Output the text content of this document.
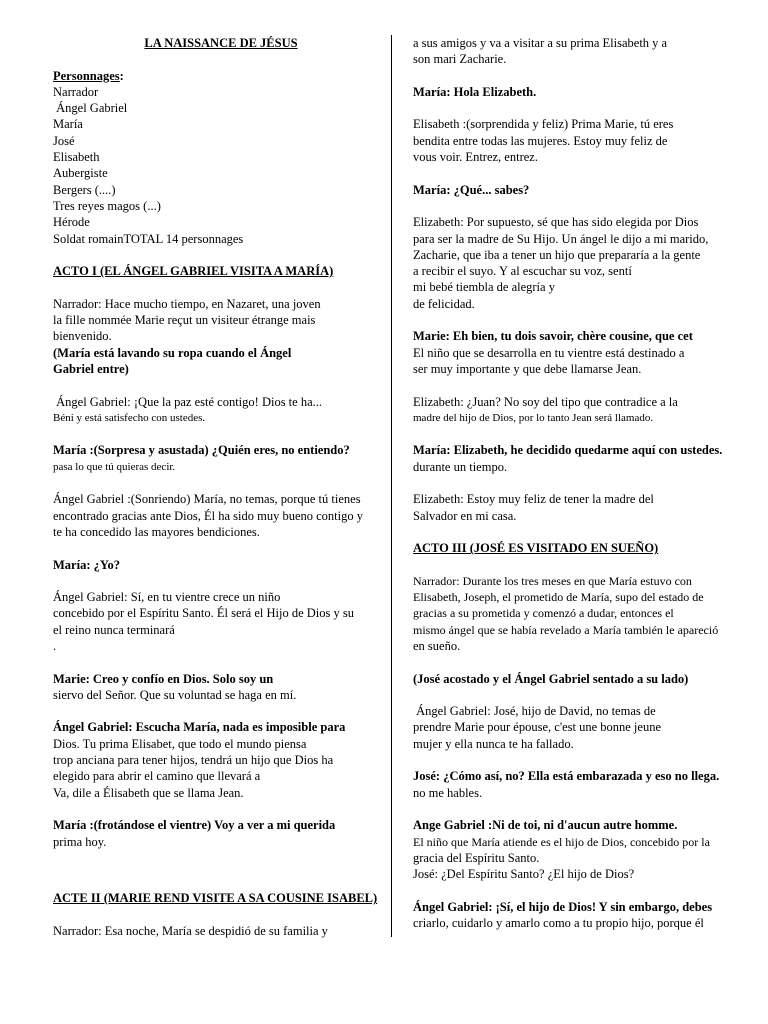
LA NAISSANCE DE JÉSUS
Personnages:
Narrador
Ángel Gabriel
María
José
Elisabeth
Aubergiste
Bergers (....)
Tres reyes magos (...)
Hérode
Soldat romainTOTAL 14 personnages
ACTO I (EL ÁNGEL GABRIEL VISITA A MARÍA)
Narrador: Hace mucho tiempo, en Nazaret, una joven
la fille nommée Marie reçut un visiteur étrange mais
bienvenido.
(María está lavando su ropa cuando el Ángel
Gabriel entre)
Ángel Gabriel: ¡Que la paz esté contigo! Dios te ha...
Béni y está satisfecho con ustedes.
María :(Sorpresa y asustada) ¿Quién eres, no entiendo?
pasa lo que tú quieras decir.
Ángel Gabriel :(Sonriendo) María, no temas, porque tú tienes
encontrado gracias ante Dios, Él ha sido muy bueno contigo y
te ha concedido las mayores bendiciones.
María: ¿Yo?
Ángel Gabriel: Sí, en tu vientre crece un niño
concebido por el Espíritu Santo. Él será el Hijo de Dios y su
el reino nunca terminará
.
Marie: Creo y confío en Dios. Solo soy un
siervo del Señor. Que su voluntad se haga en mí.
Ángel Gabriel: Escucha María, nada es imposible para
Dios. Tu prima Elisabet, que todo el mundo piensa
trop anciana para tener hijos, tendrá un hijo que Dios ha
elegido para abrir el camino que llevará a
Va, dile a Élisabeth que se llama Jean.
María :(frotándose el vientre) Voy a ver a mi querida
prima hoy.
ACTE II (MARIE REND VISITE A SA COUSINE ISABEL)
Narrador: Esa noche, María se despidió de su familia y
a sus amigos y va a visitar a su prima Elisabeth y a
son mari Zacharie.
María: Hola Elizabeth.
Elisabeth :(sorprendida y feliz) Prima Marie, tú eres
bendita entre todas las mujeres. Estoy muy feliz de
vous voir. Entrez, entrez.
María: ¿Qué... sabes?
Elizabeth: Por supuesto, sé que has sido elegida por Dios
para ser la madre de Su Hijo. Un ángel le dijo a mi marido,
Zacharie, que iba a tener un hijo que prepararía a la gente
a recibir el suyo. Y al escuchar su voz, sentí
mi bebé tiembla de alegría y
de felicidad.
Marie: Eh bien, tu dois savoir, chère cousine, que cet
El niño que se desarrolla en tu vientre está destinado a
ser muy importante y que debe llamarse Jean.
Elizabeth: ¿Juan? No soy del tipo que contradice a la
madre del hijo de Dios, por lo tanto Jean será llamado.
María: Elizabeth, he decidido quedarme aquí con ustedes.
durante un tiempo.
Elizabeth: Estoy muy feliz de tener la madre del
Salvador en mi casa.
ACTO III (JOSÉ ES VISITADO EN SUEÑO)
Narrador: Durante los tres meses en que María estuvo con
Elisabeth, Joseph, el prometido de María, supo del estado de
gracias a su prometida y comenzó a dudar, entonces el
mismo ángel que se había revelado a María también le apareció
en sueño.
(José acostado y el Ángel Gabriel sentado a su lado)
Ángel Gabriel: José, hijo de David, no temas de
prendre Marie pour épouse, c'est une bonne jeune
mujer y ella nunca te ha fallado.
José: ¿Cómo así, no? Ella está embarazada y eso no llega.
no me hables.
Ange Gabriel :Ni de toi, ni d'aucun autre homme.
El niño que María atiende es el hijo de Dios, concebido por la
gracia del Espíritu Santo.
José: ¿Del Espíritu Santo? ¿El hijo de Dios?
Ángel Gabriel: ¡Sí, el hijo de Dios! Y sin embargo, debes
criarlo, cuidarlo y amarlo como a tu propio hijo, porque él
